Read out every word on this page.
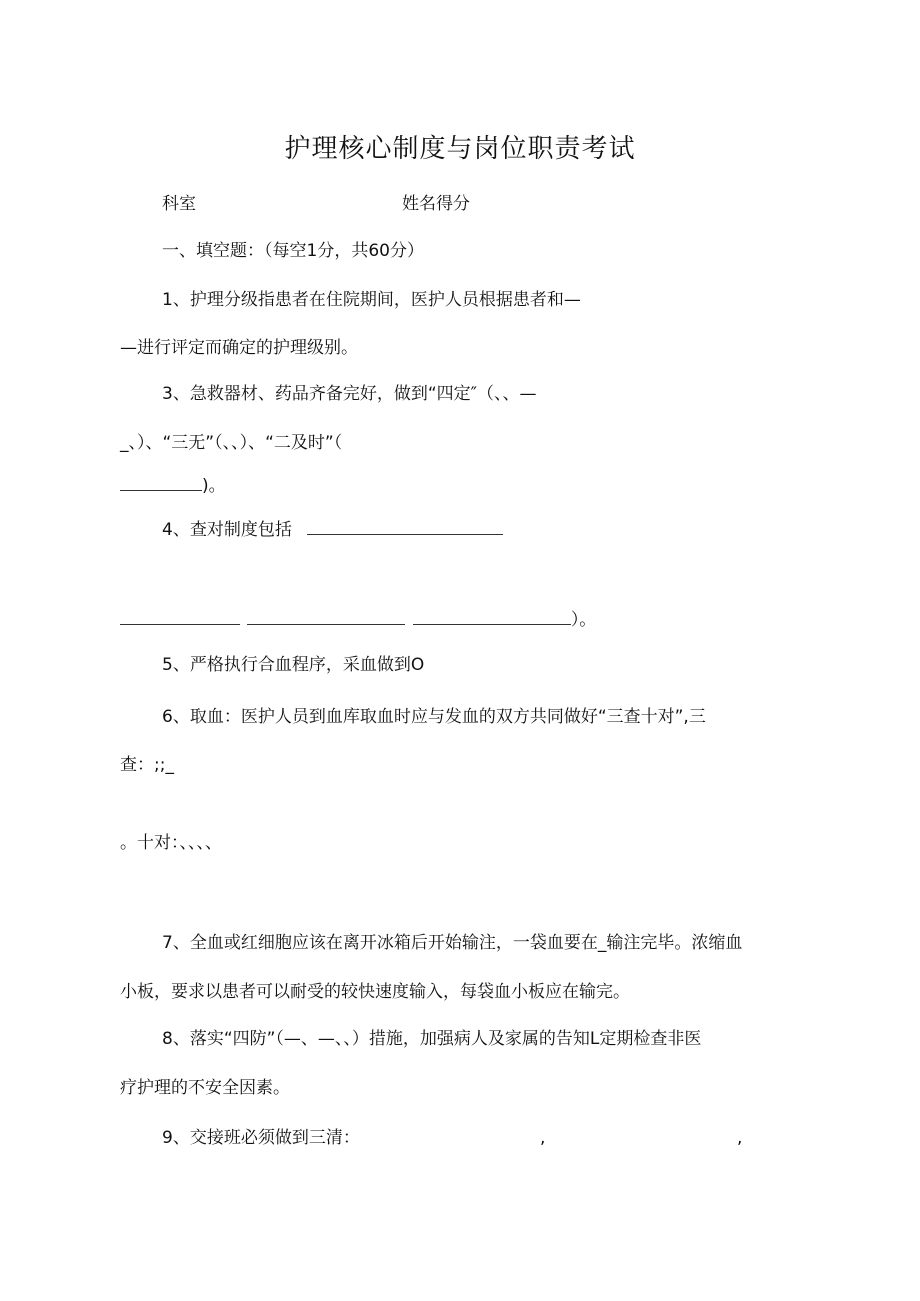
护理核心制度与岗位职责考试
科室	姓名得分
一、填空题：（每空1分，共60分）
1、护理分级指患者在住院期间，医护人员根据患者和—
—进行评定而确定的护理级别。
3、急救器材、药品齐备完好，做到“四定″（、、—
_、）、“三无”（、、）、“二及时”（
)。
4、查对制度包括
）。
5、严格执行合血程序，采血做到O
6、取血：医护人员到血库取血时应与发血的双方共同做好“三查十对”,三
查：;;_
。十对：、、、、
7、全血或红细胞应该在离开冰箱后开始输注，一袋血要在_输注完毕。浓缩血
小板，要求以患者可以耐受的较快速度输入，每袋血小板应在输完。
8、落实“四防”（—、—、、）措施，加强病人及家属的告知L定期检查非医
疗护理的不安全因素。
9、交接班必须做到三清：	,	,
